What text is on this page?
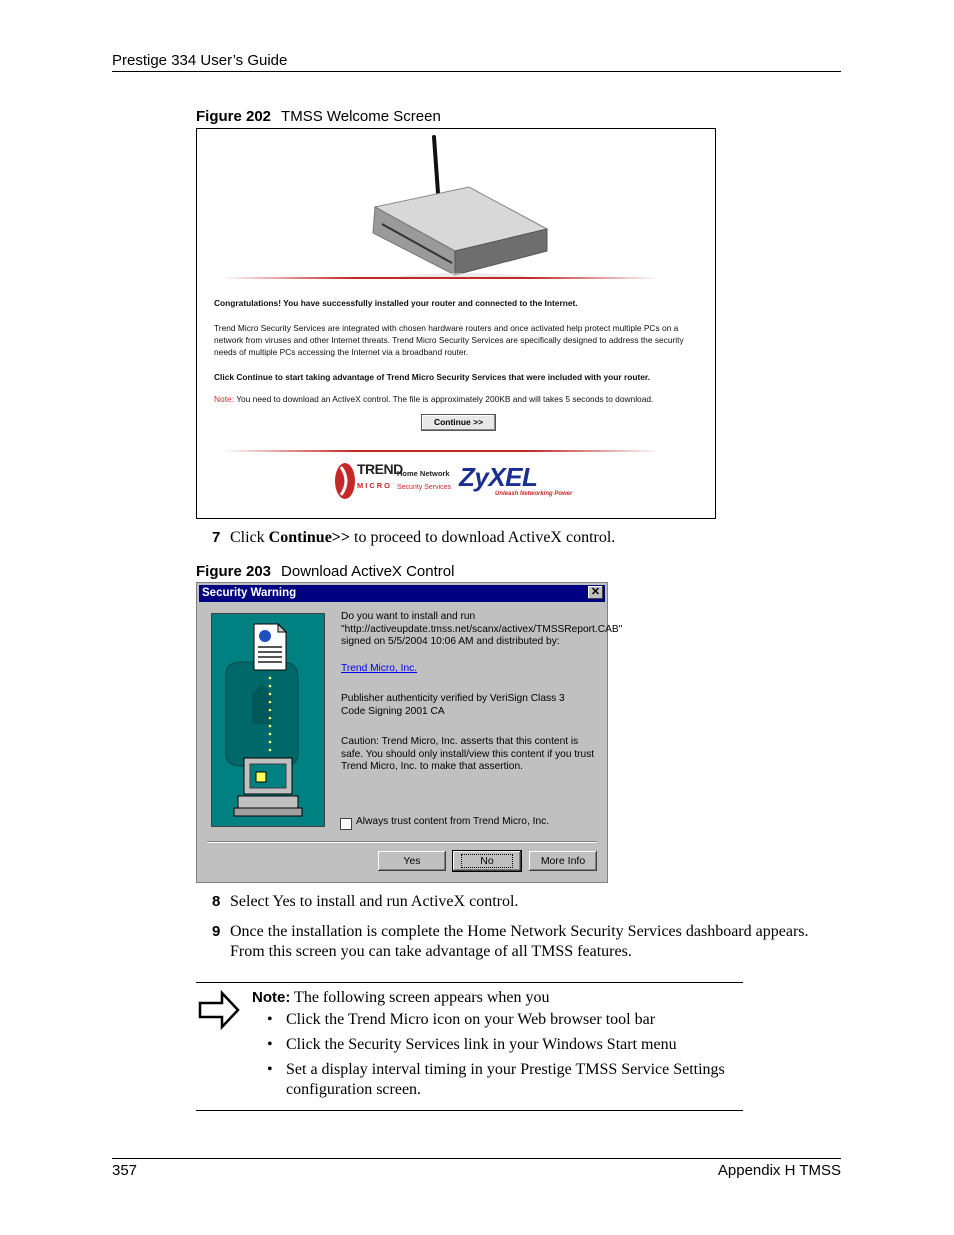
Prestige 334 User’s Guide
Figure 202 TMSS Welcome Screen
Congratulations! You have successfully installed your router and connected to the Internet.
Trend Micro Security Services are integrated with chosen hardware routers and once activated help protect multiple PCs on a network from viruses and other Internet threats. Trend Micro Security Services are specifically designed to address the security needs of multiple PCs accessing the Internet via a broadband router.
Click Continue to start taking advantage of Trend Micro Security Services that were included with your router.
Note: You need to download an ActiveX control. The file is approximately 200KB and will takes 5 seconds to download.
Continue >>
TREND
MICRO
Home Network
Security Services ZyXEL
Unleash Networking Power
7 Click Continue>> to proceed to download ActiveX control.
Figure 203 Download ActiveX Control
Security Warning	✕
Do you want to install and run "http://activeupdate.tmss.net/scanx/activex/TMSSReport.CAB" signed on 5/5/2004 10:06 AM and distributed by:
Trend Micro, Inc.
Publisher authenticity verified by VeriSign Class 3 Code Signing 2001 CA
Caution: Trend Micro, Inc. asserts that this content is safe. You should only install/view this content if you trust Trend Micro, Inc. to make that assertion.
Always trust content from Trend Micro, Inc.
Yes	No	More Info
8 Select Yes to install and run ActiveX control.
9 Once the installation is complete the Home Network Security Services dashboard appears. From this screen you can take advantage of all TMSS features.
Note: The following screen appears when you
• Click the Trend Micro icon on your Web browser tool bar
• Click the Security Services link in your Windows Start menu
• Set a display interval timing in your Prestige TMSS Service Settings configuration screen.
357	Appendix H TMSS
